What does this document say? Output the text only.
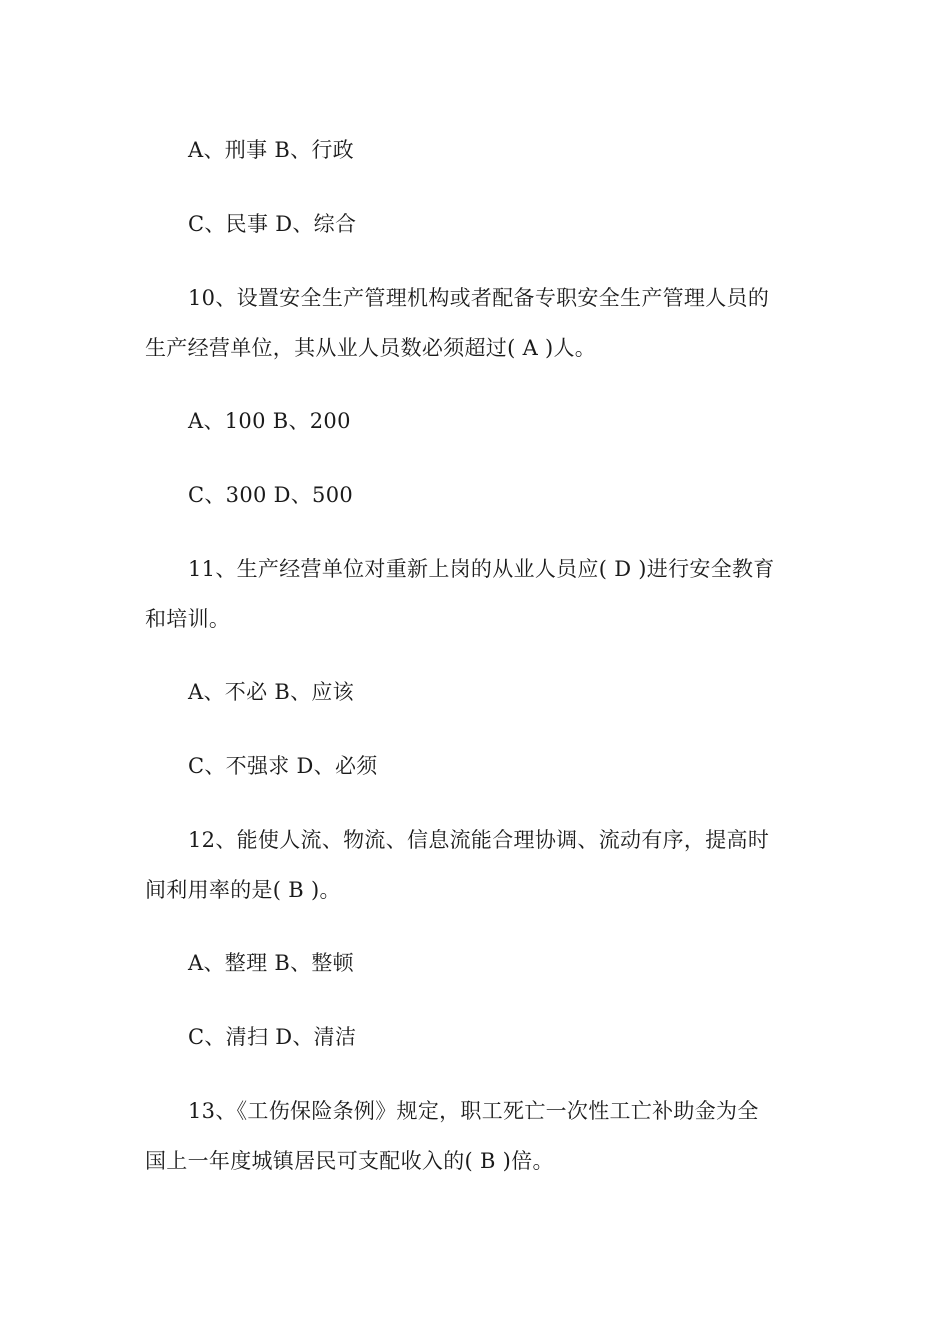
A、刑事 B、行政
C、民事 D、综合
10、设置安全生产管理机构或者配备专职安全生产管理人员的
生产经营单位，其从业人员数必须超过( A )人。
A、100 B、200
C、300 D、500
11、生产经营单位对重新上岗的从业人员应( D )进行安全教育
和培训。
A、不必 B、应该
C、不强求 D、必须
12、能使人流、物流、信息流能合理协调、流动有序，提高时
间利用率的是( B )。
A、整理 B、整顿
C、清扫 D、清洁
13、《工伤保险条例》规定，职工死亡一次性工亡补助金为全
国上一年度城镇居民可支配收入的( B )倍。
